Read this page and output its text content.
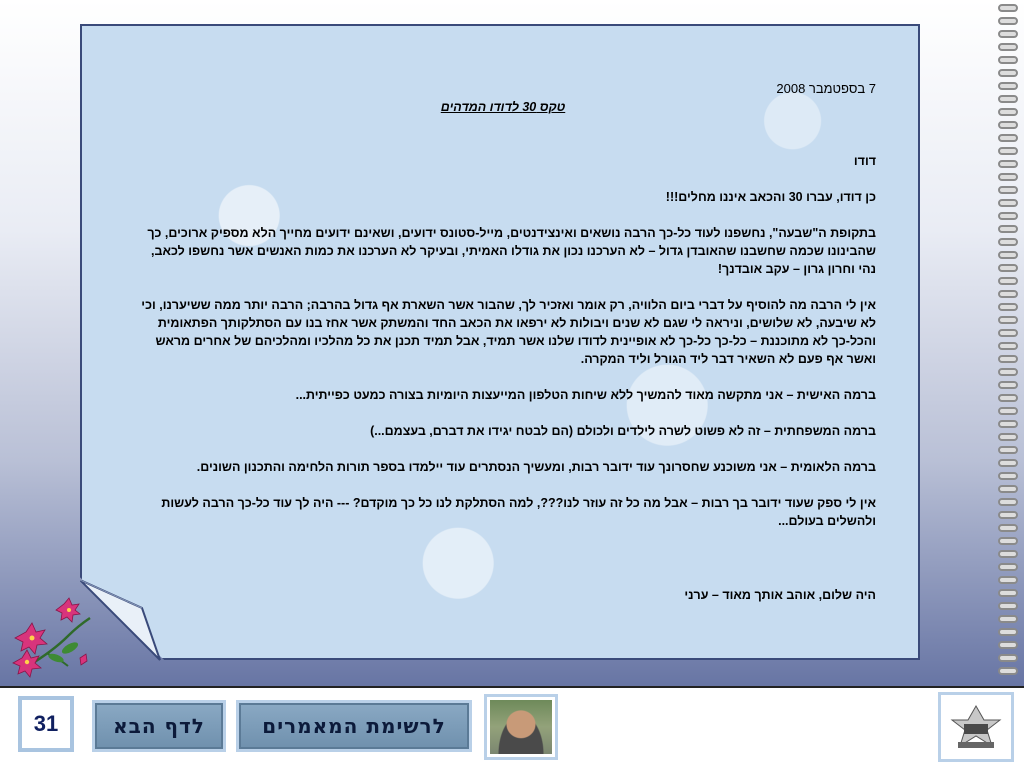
7 בספטמבר 2008

טקס 30 לדודו המדהים

דודו

כן דודו, עברו 30 והכאב איננו מחלים!!!

בתקופת ה"שבעה", נחשפנו לעוד כל-כך הרבה נושאים ואינצידנטים, מייל-סטונס ידועים, ושאינם ידועים מחייך הלא מספיק ארוכים, כך שהבינונו שכמה שחשבנו שהאובדן גדול – לא הערכנו נכון את גודלו האמיתי, ובעיקר לא הערכנו את כמות האנשים אשר נחשפו לכאב, נהי וחרון גרון – עקב אובדנך!

אין לי הרבה מה להוסיף על דברי ביום הלוויה, רק אומר ואזכיר לך, שהבור אשר השארת אף גדול בהרבה; הרבה יותר ממה ששיערנו, וכי לא שיבעה, לא שלושים, וניראה לי שגם לא שנים ויבולות לא ירפאו את הכאב החד והמשתק אשר אחז בנו עם הסתלקותך הפתאומית והכל-כך לא מתוכננת – כל-כך כל-כך לא אופיינית לדודו שלנו אשר תמיד, אבל תמיד תכנן את כל מהלכיו ומהלכיהם של אחרים מראש ואשר אף פעם לא השאיר דבר ליד הגורל וליד המקרה.

ברמה האישית – אני מתקשה מאוד להמשיך ללא שיחות הטלפון המייעצות היומיות בצורה כמעט כפייתית...

ברמה המשפחתית – זה לא פשוט לשרה לילדים ולכולם (הם לבטח יגידו את דברם, בעצמם...)

ברמה הלאומית – אני משוכנע שחסרונך עוד ידובר רבות, ומעשיך הנסתרים עוד יילמדו בספר תורות הלחימה והתכנון השונים.

אין לי ספק שעוד ידובר בך רבות – אבל מה כל זה עוזר לנו???, למה הסתלקת לנו כל כך מוקדם? --- היה לך עוד כל-כך הרבה לעשות ולהשלים בעולם...

היה שלום, אוהב אותך מאוד – ערני

31	לדף הבא	לרשימת המאמרים
